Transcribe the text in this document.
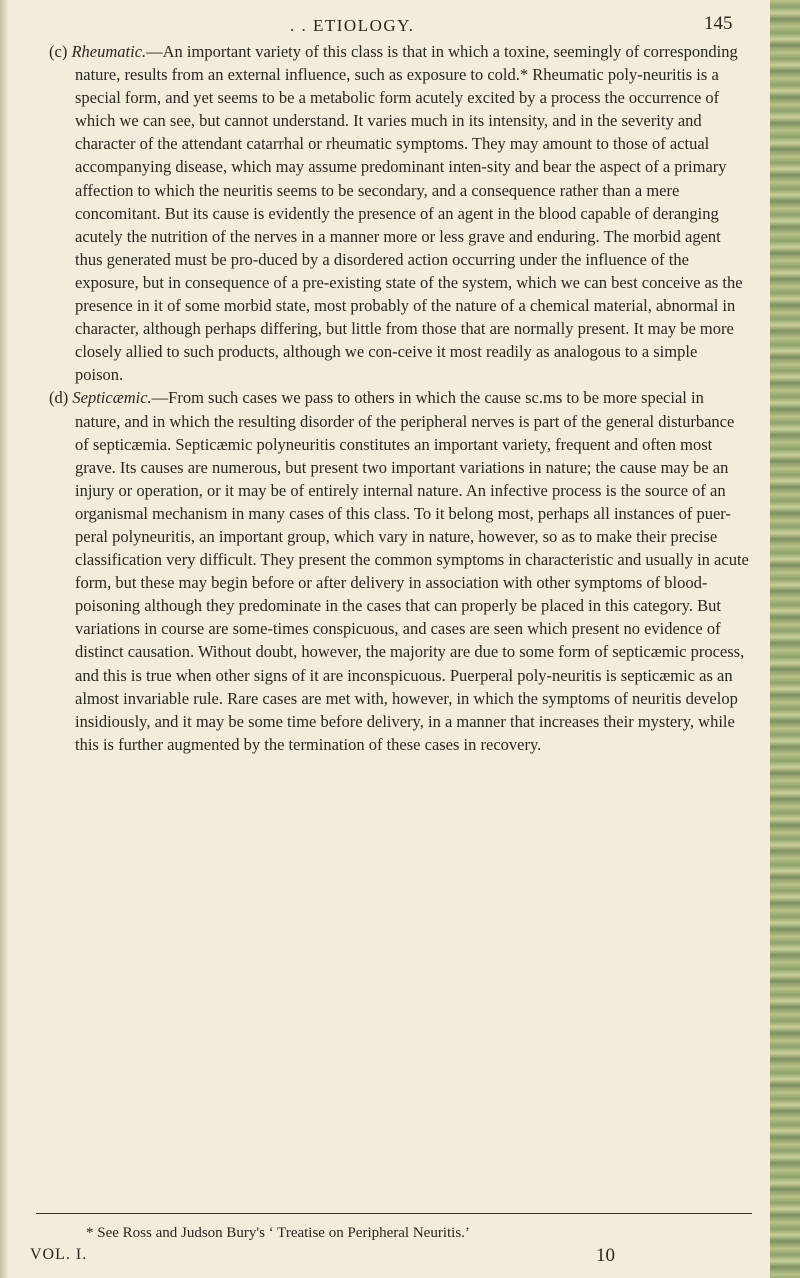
. . ETIOLOGY.	145

(c) Rheumatic.—An important variety of this class is that in which a toxine, seemingly of corresponding nature, results from an external influence, such as exposure to cold.* Rheumatic poly-neuritis is a special form, and yet seems to be a metabolic form acutely excited by a process the occurrence of which we can see, but cannot understand. It varies much in its intensity, and in the severity and character of the attendant catarrhal or rheumatic symptoms. They may amount to those of actual accompanying disease, which may assume predominant inten-sity and bear the aspect of a primary affection to which the neuritis seems to be secondary, and a consequence rather than a mere concomitant. But its cause is evidently the presence of an agent in the blood capable of deranging acutely the nutrition of the nerves in a manner more or less grave and enduring. The morbid agent thus generated must be pro-duced by a disordered action occurring under the influence of the exposure, but in consequence of a pre-existing state of the system, which we can best conceive as the presence in it of some morbid state, most probably of the nature of a chemical material, abnormal in character, although perhaps differing, but little from those that are normally present. It may be more closely allied to such products, although we con-ceive it most readily as analogous to a simple poison.

(d) Septicæmic.—From such cases we pass to others in which the cause sc.ms to be more special in nature, and in which the resulting disorder of the peripheral nerves is part of the general disturbance of septicæmia. Septicæmic polyneuritis constitutes an important variety, frequent and often most grave. Its causes are numerous, but present two important variations in nature; the cause may be an injury or operation, or it may be of entirely internal nature. An infective process is the source of an organismal mechanism in many cases of this class. To it belong most, perhaps all instances of puer-peral polyneuritis, an important group, which vary in nature, however, so as to make their precise classification very difficult. They present the common symptoms in characteristic and usually in acute form, but these may begin before or after delivery in association with other symptoms of blood-poisoning although they predominate in the cases that can properly be placed in this category. But variations in course are some-times conspicuous, and cases are seen which present no evidence of distinct causation. Without doubt, however, the majority are due to some form of septicæmic process, and this is true when other signs of it are inconspicuous. Puerperal poly-neuritis is septicæmic as an almost invariable rule. Rare cases are met with, however, in which the symptoms of neuritis develop insidiously, and it may be some time before delivery, in a manner that increases their mystery, while this is further augmented by the termination of these cases in recovery.

* See Ross and Judson Bury's ‘ Treatise on Peripheral Neuritis.’
VOL. I.	10
